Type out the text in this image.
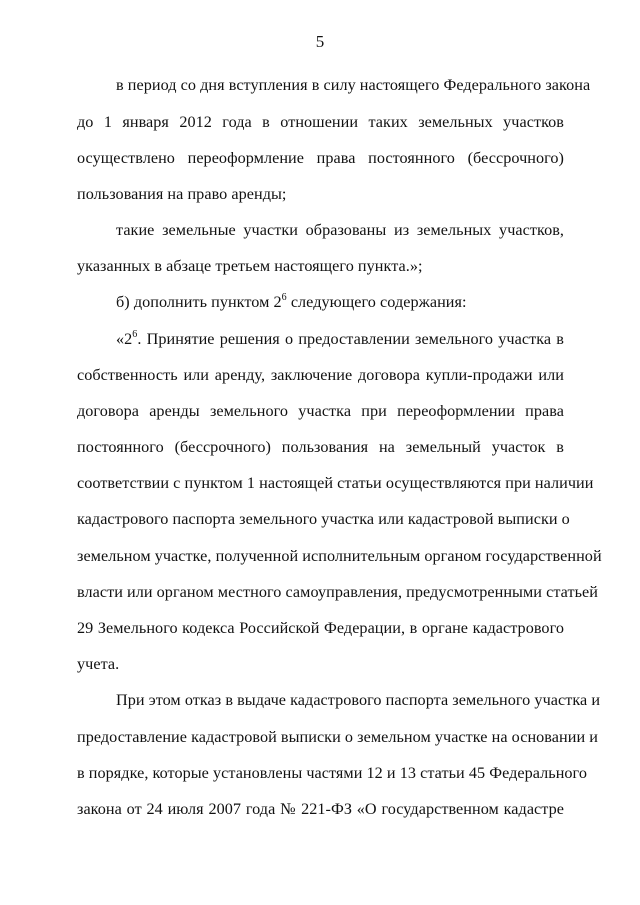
5
в период со дня вступления в силу настоящего Федерального закона
до 1 января 2012 года в отношении таких земельных участков
осуществлено переоформление права постоянного (бессрочного)
пользования на право аренды;
такие земельные участки образованы из земельных участков,
указанных в абзаце третьем настоящего пункта.»;
б) дополнить пунктом $2^6$ следующего содержания:
«$2^6$. Принятие решения о предоставлении земельного участка в
собственность или аренду, заключение договора купли-продажи или
договора аренды земельного участка при переоформлении права
постоянного (бессрочного) пользования на земельный участок в
соответствии с пунктом 1 настоящей статьи осуществляются при наличии
кадастрового паспорта земельного участка или кадастровой выписки о
земельном участке, полученной исполнительным органом государственной
власти или органом местного самоуправления, предусмотренными статьей
29 Земельного кодекса Российской Федерации, в органе кадастрового
учета.
При этом отказ в выдаче кадастрового паспорта земельного участка и
предоставление кадастровой выписки о земельном участке на основании и
в порядке, которые установлены частями 12 и 13 статьи 45 Федерального
закона от 24 июля 2007 года № 221-ФЗ «О государственном кадастре
